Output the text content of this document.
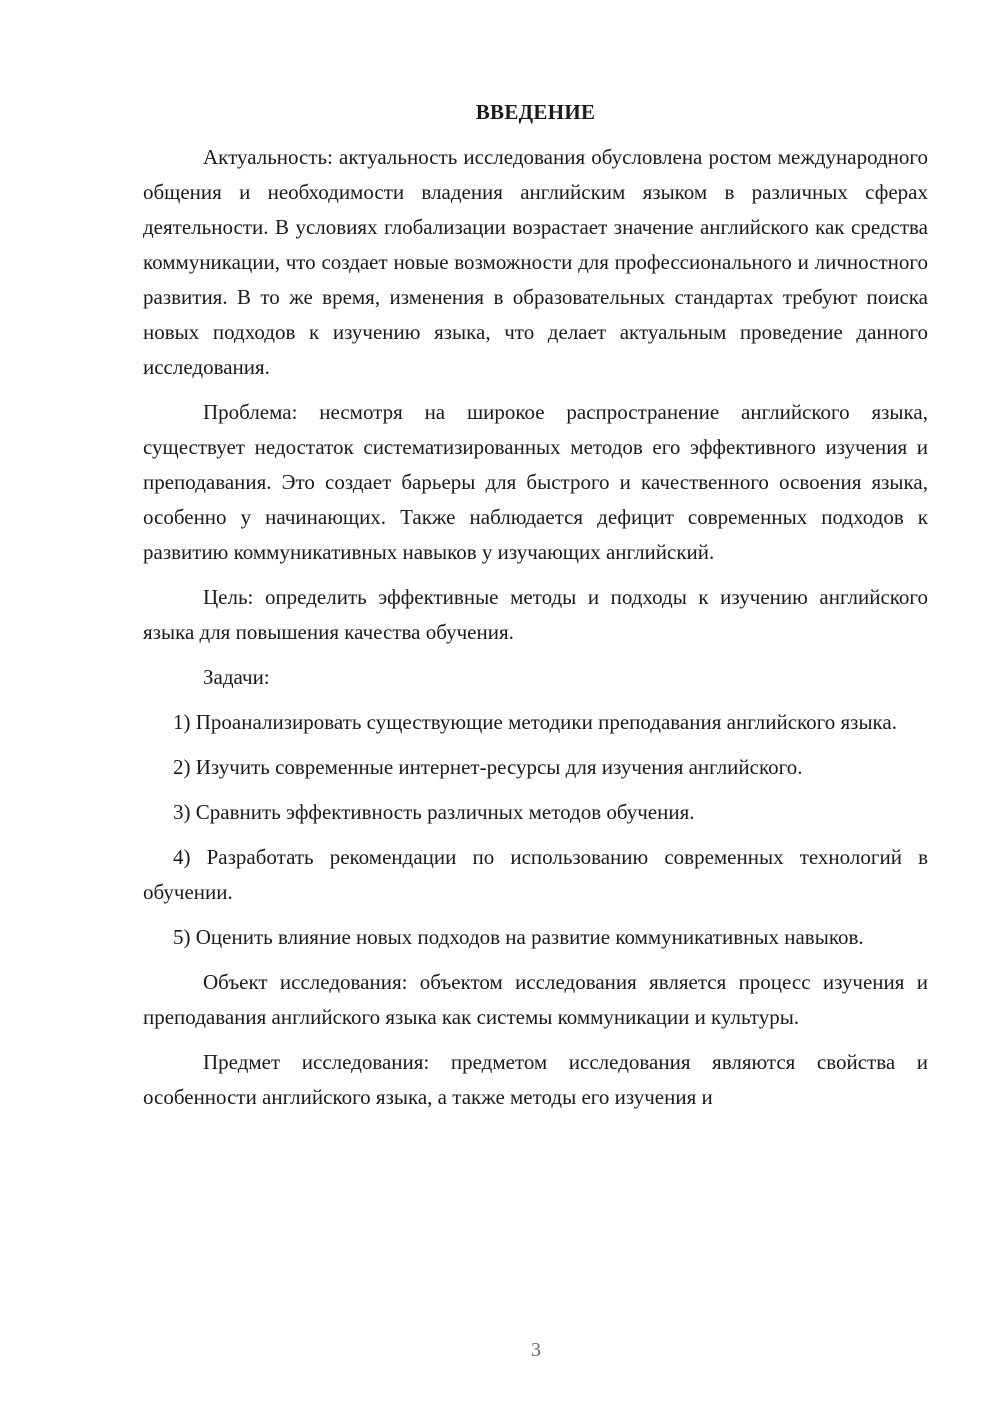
ВВЕДЕНИЕ

Актуальность: актуальность исследования обусловлена ростом международного общения и необходимости владения английским языком в различных сферах деятельности. В условиях глобализации возрастает значение английского как средства коммуникации, что создает новые возможности для профессионального и личностного развития. В то же время, изменения в образовательных стандартах требуют поиска новых подходов к изучению языка, что делает актуальным проведение данного исследования.

Проблема: несмотря на широкое распространение английского языка, существует недостаток систематизированных методов его эффективного изучения и преподавания. Это создает барьеры для быстрого и качественного освоения языка, особенно у начинающих. Также наблюдается дефицит современных подходов к развитию коммуникативных навыков у изучающих английский.

Цель: определить эффективные методы и подходы к изучению английского языка для повышения качества обучения.

Задачи:

1) Проанализировать существующие методики преподавания английского языка.

2) Изучить современные интернет-ресурсы для изучения английского.

3) Сравнить эффективность различных методов обучения.

4) Разработать рекомендации по использованию современных технологий в обучении.

5) Оценить влияние новых подходов на развитие коммуникативных навыков.

Объект исследования: объектом исследования является процесс изучения и преподавания английского языка как системы коммуникации и культуры.

Предмет исследования: предметом исследования являются свойства и особенности английского языка, а также методы его изучения и

3
